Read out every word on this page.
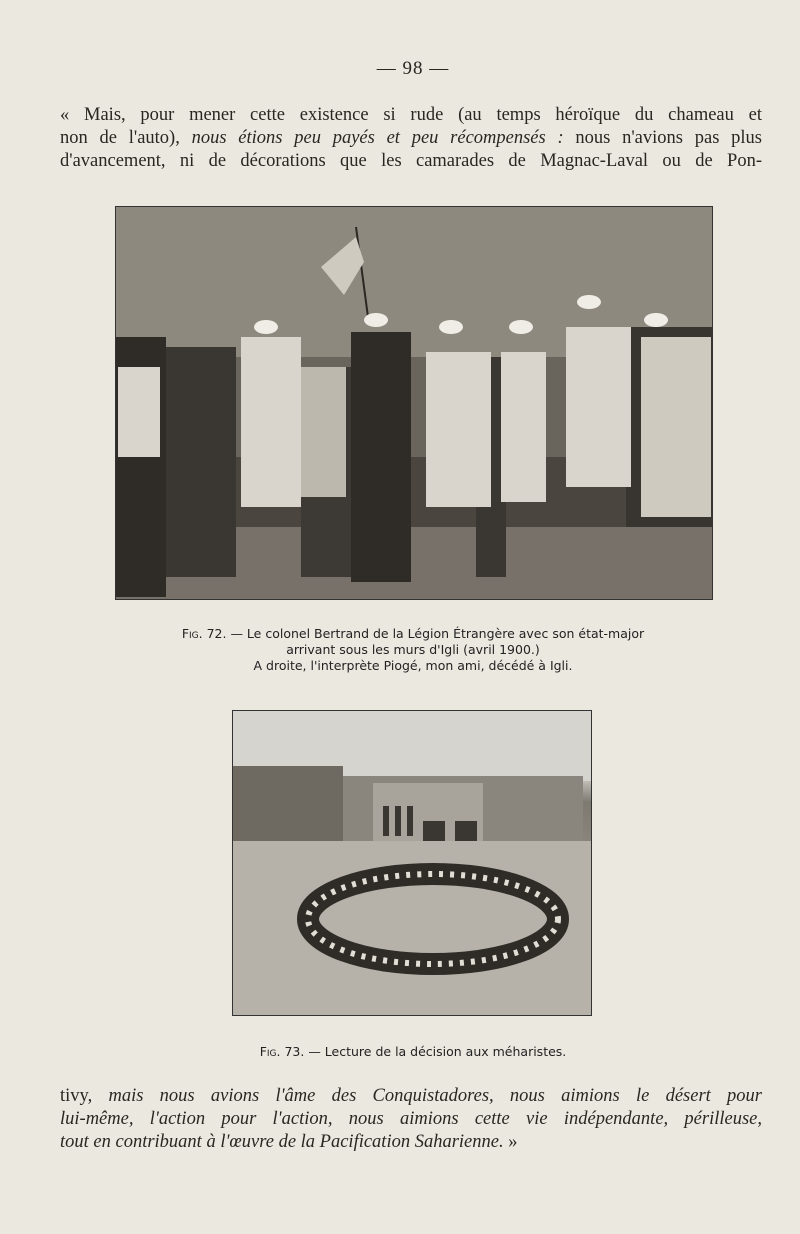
— 98 —
« Mais, pour mener cette existence si rude (au temps héroïque du chameau et
non de l'auto), nous étions peu payés et peu récompensés : nous n'avions pas plus
d'avancement, ni de décorations que les camarades de Magnac-Laval ou de Pon-
Fig. 72. — Le colonel Bertrand de la Légion Étrangère avec son état-major
arrivant sous les murs d'Igli (avril 1900.)
A droite, l'interprète Piogé, mon ami, décédé à Igli.
Fig. 73. — Lecture de la décision aux méharistes.
tivy, mais nous avions l'âme des Conquistadores, nous aimions le désert pour
lui-même, l'action pour l'action, nous aimions cette vie indépendante, périlleuse,
tout en contribuant à l'œuvre de la Pacification Saharienne. »
